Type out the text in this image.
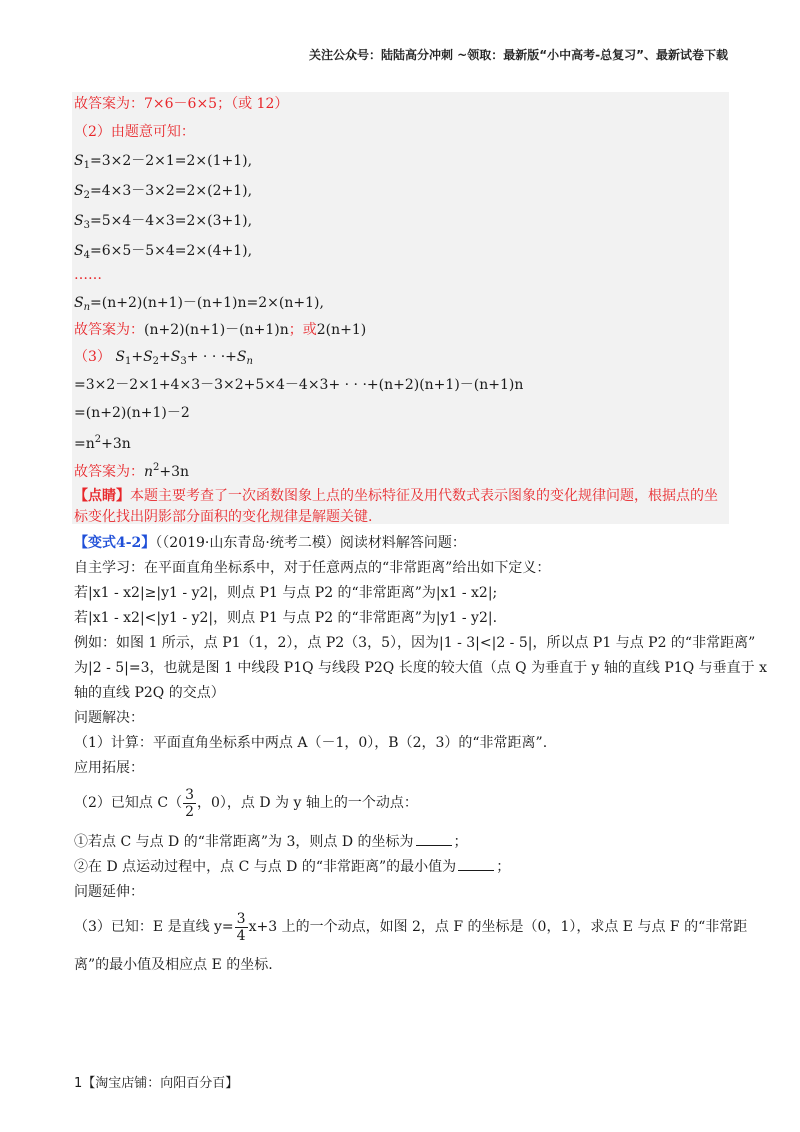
关注公众号：陆陆高分冲刺 ~领取：最新版“小中高考-总复习”、最新试卷下载
故答案为：7×6－6×5；（或 12）
（2）由题意可知：
$S_1=3\times 2-2\times 1=2\times(1+1)$,
$S_2=4\times 3-3\times 2=2\times(2+1)$,
$S_3=5\times 4-4\times 3=2\times(3+1)$,
$S_4=6\times 5-5\times 4=2\times(4+1)$,
……
$S_n=(n+2)(n+1)-(n+1)n=2\times(n+1)$,
故答案为：(n+2)(n+1)－(n+1)n；或2(n+1)
（3） $S_1+S_2+S_3+$ · · $\cdot+S_n$
=3×2－2×1+4×3－3×2+5×4－4×3+ · · ·+(n+2)(n+1)－(n+1)n
=(n+2)(n+1)－2
$=n^2+3n$
故答案为：$n^2+3n$
【点睛】本题主要考查了一次函数图象上点的坐标特征及用代数式表示图象的变化规律问题，根据点的坐
标变化找出阴影部分面积的变化规律是解题关键.
【变式4-2】（（2019·山东青岛·统考二模）阅读材料解答问题：
自主学习：在平面直角坐标系中，对于任意两点的“非常距离”给出如下定义：
若|x1 - x2|≥|y1 - y2|，则点 P1 与点 P2 的“非常距离”为|x1 - x2|;
若|x1 - x2|<|y1 - y2|，则点 P1 与点 P2 的“非常距离”为|y1 - y2|.
例如：如图 1 所示，点 P1（1，2），点 P2（3，5），因为|1 - 3|<|2 - 5|，所以点 P1 与点 P2 的“非常距离”
为|2 - 5|=3，也就是图 1 中线段 P1Q 与线段 P2Q 长度的较大值（点 Q 为垂直于 y 轴的直线 P1Q 与垂直于 x
轴的直线 P2Q 的交点）
问题解决：
（1）计算：平面直角坐标系中两点 A（－1，0），B（2，3）的“非常距离”.
应用拓展：
（2）已知点 $C( \frac{3}{2}$ ，0），点 D 为 y 轴上的一个动点：
①若点 C 与点 D 的“非常距离”为 3，则点 D 的坐标为	；
②在 D 点运动过程中，点 C 与点 D 的“非常距离”的最小值为	；
问题延伸：
（3）已知：E 是直线 $y= \frac{3}{4} x+3$ 上的一个动点，如图 2，点 F 的坐标是（0，1），求点 E 与点 F 的“非常距
离”的最小值及相应点 E 的坐标.
1【淘宝店铺：向阳百分百】
